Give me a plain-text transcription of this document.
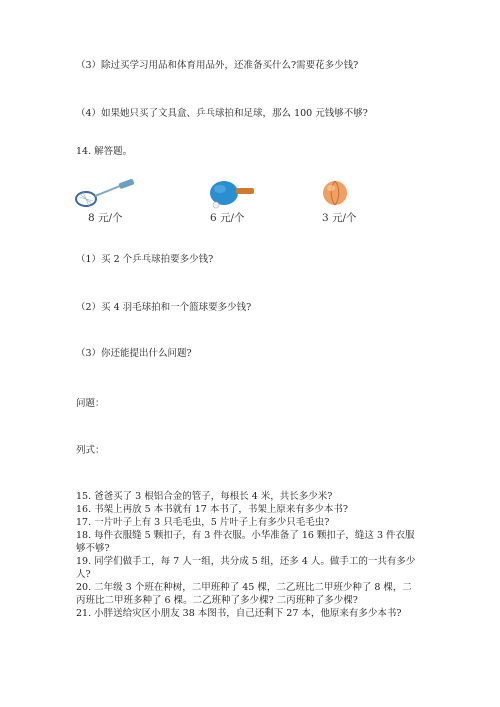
（3）除过买学习用品和体育用品外，还准备买什么?需要花多少钱?
（4）如果她只买了文具盒、乒乓球拍和足球，那么 100 元钱够不够?
14. 解答题。
8 元/个	6 元/个	3 元/个
（1）买 2 个乒乓球拍要多少钱?
（2）买 4 羽毛球拍和一个篮球要多少钱?
（3）你还能提出什么问题?
问题：
列式：
15. 爸爸买了 3 根铝合金的管子，每根长 4 米，共长多少米?
16. 书架上再放 5 本书就有 17 本书了，书架上原来有多少本书?
17. 一片叶子上有 3 只毛毛虫，5 片叶子上有多少只毛毛虫?
18. 每件衣服缝 5 颗扣子，有 3 件衣服。小华准备了 16 颗扣子，缝这 3 件衣服
够不够?
19. 同学们做手工，每 7 人一组，共分成 5 组，还多 4 人。做手工的一共有多少
人?
20. 二年级 3 个班在种树，二甲班种了 45 棵，二乙班比二甲班少种了 8 棵，二
丙班比二甲班多种了 6 棵。二乙班种了多少棵? 二丙班种了多少棵?
21. 小胖送给灾区小朋友 38 本图书，自己还剩下 27 本，他原来有多少本书?
